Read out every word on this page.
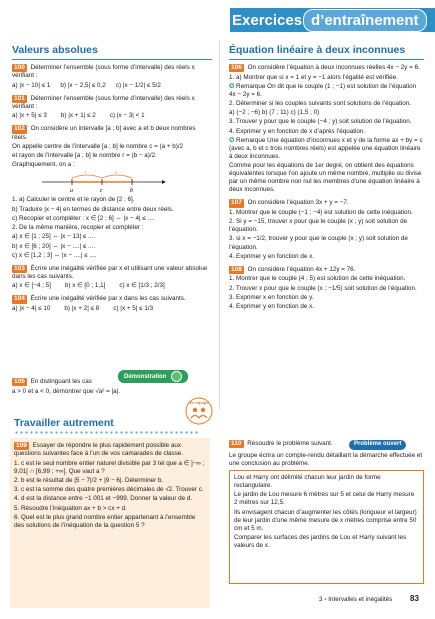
Exercices d’entraînement
Valeurs absolues
100 Déterminer l’ensemble (sous forme d’intervalle) des réels x vérifiant :
a) |x − 10| ≤ 1 b) |x − 2,5| ≤ 0,2 c) |x − 1/2| ≤ 5/2
101 Déterminer l’ensemble (sous forme d’intervalle) des réels x vérifiant :
a) |x + 5| ≤ 3 b) |x + 1| ≤ 2 c) |x − 3| < 1
102 On considère un intervalle [a ; b] avec a et b deux nombres réels.
On appelle centre de l’intervalle [a ; b] le nombre c = (a + b)/2
et rayon de l’intervalle [a ; b] le nombre r = (b − a)/2.
Graphiquement, on a :
r	r
a	c	b
1. a) Calculer le centre et le rayon de [2 ; 6].
b) Traduire |x − 4| en termes de distance entre deux réels.
c) Recopier et compléter : x ∈ [2 ; 6] ⇔ |x − 4| ≤ ....
2. De la même manière, recopier et compléter :
a) x ∈ [1 ; 25] ⇔ |x − 13| ≤ ....
b) x ∈ [6 ; 20] ⇔ |x − ....| ≤ ....
c) x ∈ [1,2 ; 3] ⇔ |x − ....| ≤ ....
103 Écrire une inégalité vérifiée par x et utilisant une valeur absolue dans les cas suivants.
a) x ∈ [−4 ; 5] b) x ∈ [0 ; 1,1] c) x ∈ [1/3 ; 2/3]
104 Écrire une inégalité vérifiée par x dans les cas suivants.
a) |x − 4| ≤ 10 b) |x + 2| ≤ 8 c) |x + 5| ≤ 1/3
Démonstration
105 En distinguant les cas
a > 0 et a < 0, démontrer que √a² = |a|.
Équation linéaire à deux inconnues
106 On considère l’équation à deux inconnues réelles 4x − 2y = 6.
1. a) Montrer que si x = 1 et y = −1 alors l’égalité est vérifiée.
✪ Remarque On dit que le couple (1 ; −1) est solution de l’équation 4x − 2y = 6.
2. Déterminer si les couples suivants sont solutions de l’équation.
a) (−2 ; −6) b) (7 ; 11) c) (1,5 ; 0)
3. Trouver y pour que le couple (−4 ; y) soit solution de l’équation.
4. Exprimer y en fonction de x d’après l’équation.
✪ Remarque Une équation d’inconnues x et y de la forme ax + by = c (avec a, b et c trois nombres réels) est appelée une équation linéaire à deux inconnues.
Comme pour les équations de 1er degré, on obtient des équations équivalentes lorsque l’on ajoute un même nombre, multiplie ou divise par un même nombre non nul les membres d’une équation linéaire à deux inconnues.
107 On considère l’équation 3x + y = −7.
1. Montrer que le couple (−1 ; −4) est solution de cette inéquation.
2. Si y = −15, trouver x pour que le couple (x ; y) soit solution de l’équation.
3. si x = −1/2, trouver y pour que le couple (x ; y) soit solution de l’équation.
4. Exprimer y en fonction de x.
108 On considère l’équation 4x + 12y = 76.
1. Montrer que le couple (4 ; 5) est solution de cette inéquation.
2. Trouver x pour que le couple (x ; −1/5) soit solution de l’équation.
3. Exprimer x en fonction de y.
4. Exprimer y en fonction de x.
En équipe
Travailler autrement
109 Essayer de répondre le plus rapidement possible aux questions suivantes face à l’un de vos camarades de classe.
1. c est le seul nombre entier naturel divisible par 3 tel que a ∈ ]−∞ ; 9,01[ ∩ [6,99 ; +∞[. Que vaut a ?
2. b est le résultat de |5 − 7|/2 + |9 − 6|. Déterminer b.
3. c est la somme des quatre premières décimales de √2. Trouver c.
4. d est la distance entre −1 001 et −999. Donner la valeur de d.
5. Résoudre l’inéquation ax + b > cx + d.
6. Quel est le plus grand nombre entier appartenant à l’ensemble des solutions de l’inéquation de la question 5 ?
110 Résoudre le problème suivant.	Problème ouvert
Le groupe écrira un compte-rendu détaillant la démarche effectuée et une conclusion au problème.
Lou et Harry ont délimité chacun leur jardin de forme rectangulaire.
Le jardin de Lou mesure 6 mètres sur 5 et celui de Harry mesure 2 mètres sur 12,5.
Ils envisagent chacun d’augmenter les côtés (longueur et largeur) de leur jardin d’une même mesure de x mètres comprise entre 50 cm et 5 m.
Comparer les surfaces des jardins de Lou et Harry suivant les valeurs de x.
3 • Intervalles et inégalités 83
